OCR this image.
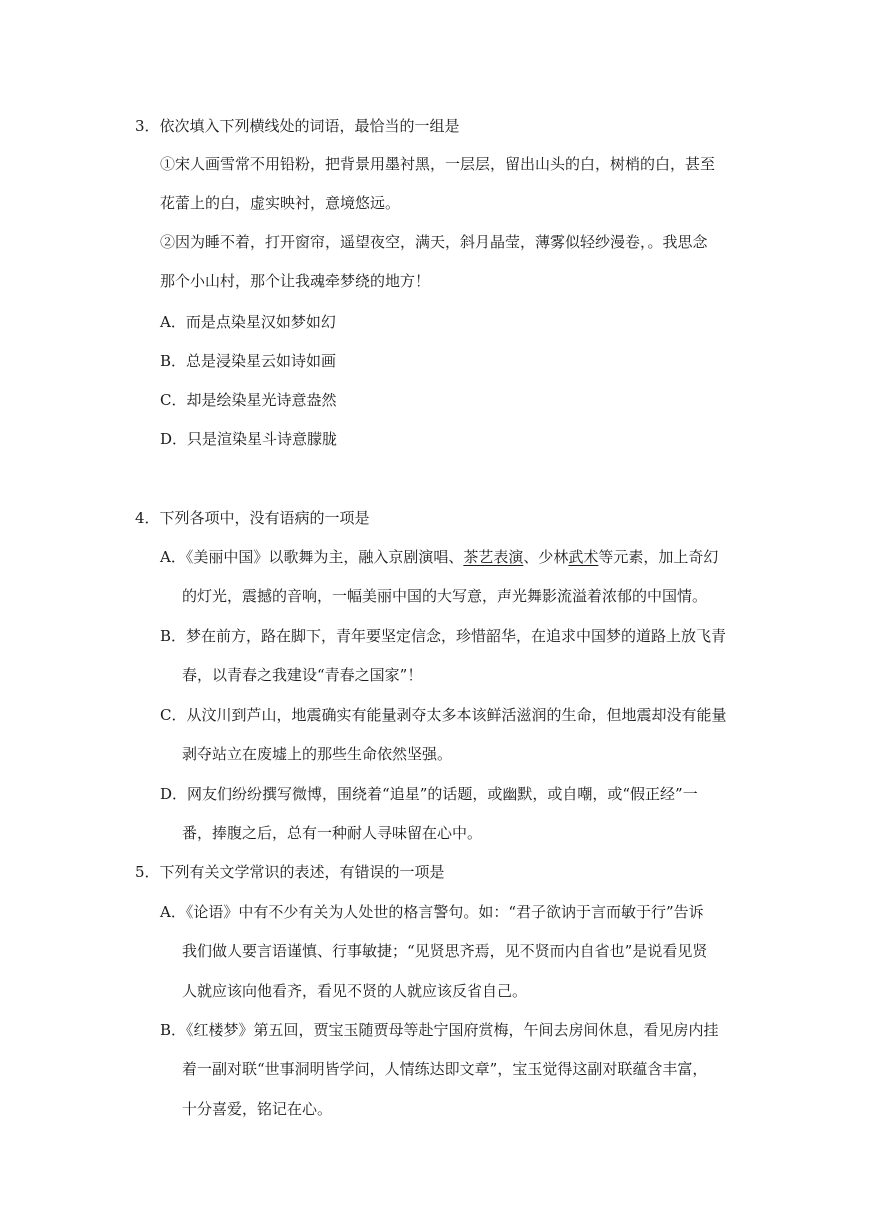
3．依次填入下列横线处的词语，最恰当的一组是
①宋人画雪常不用铅粉，把背景用墨衬黑，一层层，留出山头的白，树梢的白，甚至
花蕾上的白，虚实映衬，意境悠远。
②因为睡不着，打开窗帘，遥望夜空，满天，斜月晶莹，薄雾似轻纱漫卷，。我思念
那个小山村，那个让我魂牵梦绕的地方！
A．而是点染星汉如梦如幻
B．总是浸染星云如诗如画
C．却是绘染星光诗意盎然
D．只是渲染星斗诗意朦胧
4．下列各项中，没有语病的一项是
A．《美丽中国》以歌舞为主，融入京剧演唱、茶艺表演、少林武术等元素，加上奇幻
的灯光，震撼的音响，一幅美丽中国的大写意，声光舞影流溢着浓郁的中国情。
B．梦在前方，路在脚下，青年要坚定信念，珍惜韶华，在追求中国梦的道路上放飞青
春，以青春之我建设“青春之国家”！
C．从汶川到芦山，地震确实有能量剥夺太多本该鲜活滋润的生命，但地震却没有能量
剥夺站立在废墟上的那些生命依然坚强。
D．网友们纷纷撰写微博，围绕着“追星”的话题，或幽默，或自嘲，或“假正经”一
番，捧腹之后，总有一种耐人寻味留在心中。
5．下列有关文学常识的表述，有错误的一项是
A．《论语》中有不少有关为人处世的格言警句。如：“君子欲讷于言而敏于行”告诉
我们做人要言语谨慎、行事敏捷；“见贤思齐焉，见不贤而内自省也”是说看见贤
人就应该向他看齐，看见不贤的人就应该反省自己。
B．《红楼梦》第五回，贾宝玉随贾母等赴宁国府赏梅，午间去房间休息，看见房内挂
着一副对联“世事洞明皆学问，人情练达即文章”，宝玉觉得这副对联蕴含丰富，
十分喜爱，铭记在心。
